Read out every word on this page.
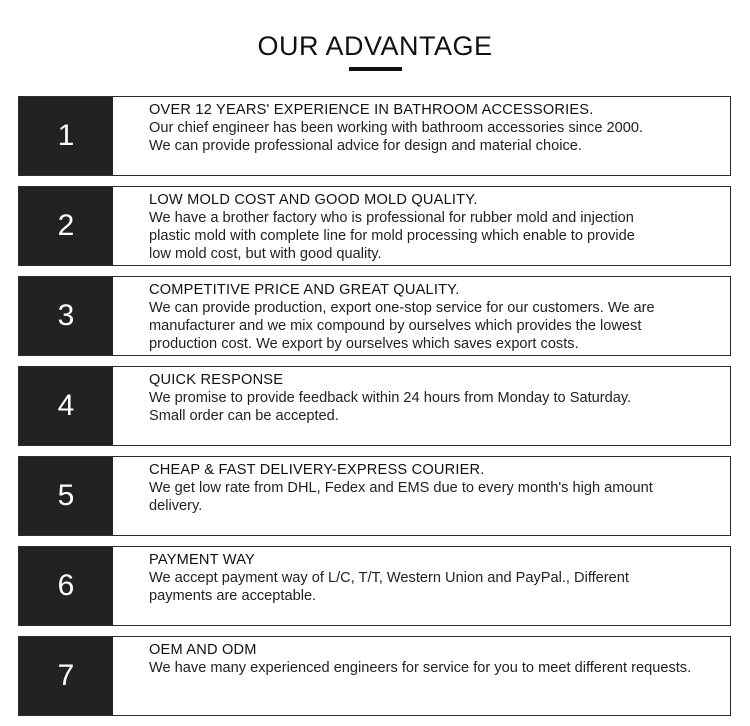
OUR ADVANTAGE
1
OVER 12 YEARS' EXPERIENCE IN BATHROOM ACCESSORIES.
Our chief engineer has been working with bathroom accessories since 2000.
We can provide professional advice for design and material choice.
2
LOW MOLD COST AND GOOD MOLD QUALITY.
We have a brother factory who is professional for rubber mold and injection
plastic mold with complete line for mold processing which enable to provide
low mold cost, but with good quality.
3
COMPETITIVE PRICE AND GREAT QUALITY.
We can provide production, export one-stop service for our customers. We are
manufacturer and we mix compound by ourselves which provides the lowest
production cost. We export by ourselves which saves export costs.
4
QUICK RESPONSE
We promise to provide feedback within 24 hours from Monday to Saturday.
Small order can be accepted.
5
CHEAP & FAST DELIVERY-EXPRESS COURIER.
We get low rate from DHL, Fedex and EMS due to every month's high amount
delivery.
6
PAYMENT WAY
We accept payment way of L/C, T/T, Western Union and PayPal., Different
payments are acceptable.
7
OEM AND ODM
We have many experienced engineers for service for you to meet different requests.
